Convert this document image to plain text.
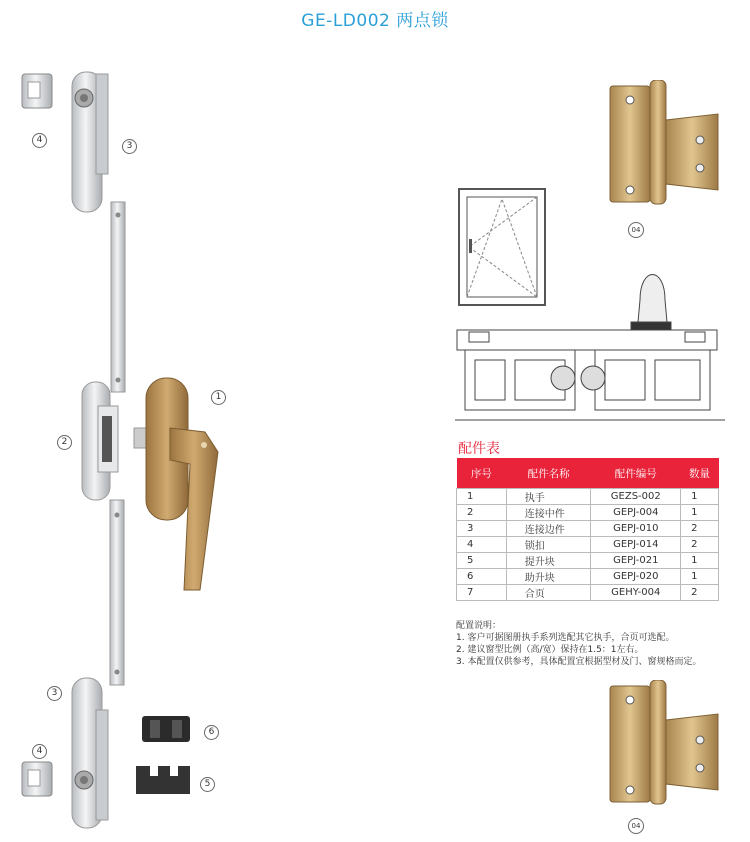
GE-LD002 两点锁
4
3
1
2
3
6
4
5
04
配件表
序号	配件名称	配件编号	数量
1	执手	GEZS-002	1
2	连接中件	GEPJ-004	1
3	连接边件	GEPJ-010	2
4	锁扣	GEPJ-014	2
5	提升块	GEPJ-021	1
6	助升块	GEPJ-020	1
7	合页	GEHY-004	2
配置说明：
1. 客户可据图册执手系列选配其它执手，合页可选配。
2. 建议窗型比例（高/宽）保持在1.5：1左右。
3. 本配置仅供参考，具体配置宜根据型材及门、窗规格而定。
04
